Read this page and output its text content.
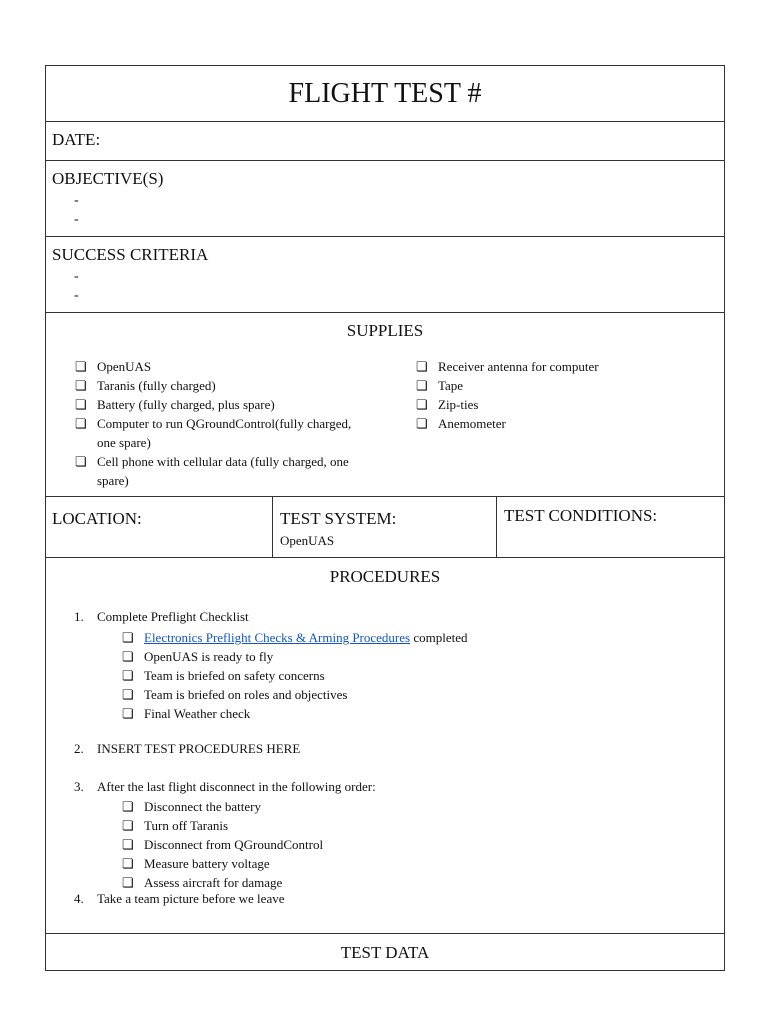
FLIGHT TEST #
DATE:
OBJECTIVE(S)
-
-
SUCCESS CRITERIA
-
-
SUPPLIES
❏ OpenUAS
❏ Taranis (fully charged)
❏ Battery (fully charged, plus spare)
❏ Computer to run QGroundControl(fully charged,
one spare)
❏ Cell phone with cellular data (fully charged, one
spare)
❏ Receiver antenna for computer
❏ Tape
❏ Zip-ties
❏ Anemometer
LOCATION:	TEST SYSTEM:
OpenUAS
TEST CONDITIONS:
PROCEDURES
1. Complete Preflight Checklist
❏ Electronics Preflight Checks & Arming Procedures completed
❏ OpenUAS is ready to fly
❏ Team is briefed on safety concerns
❏ Team is briefed on roles and objectives
❏ Final Weather check
2. INSERT TEST PROCEDURES HERE
3. After the last flight disconnect in the following order:
❏ Disconnect the battery
❏ Turn off Taranis
❏ Disconnect from QGroundControl
❏ Measure battery voltage
❏ Assess aircraft for damage
4. Take a team picture before we leave
TEST DATA
